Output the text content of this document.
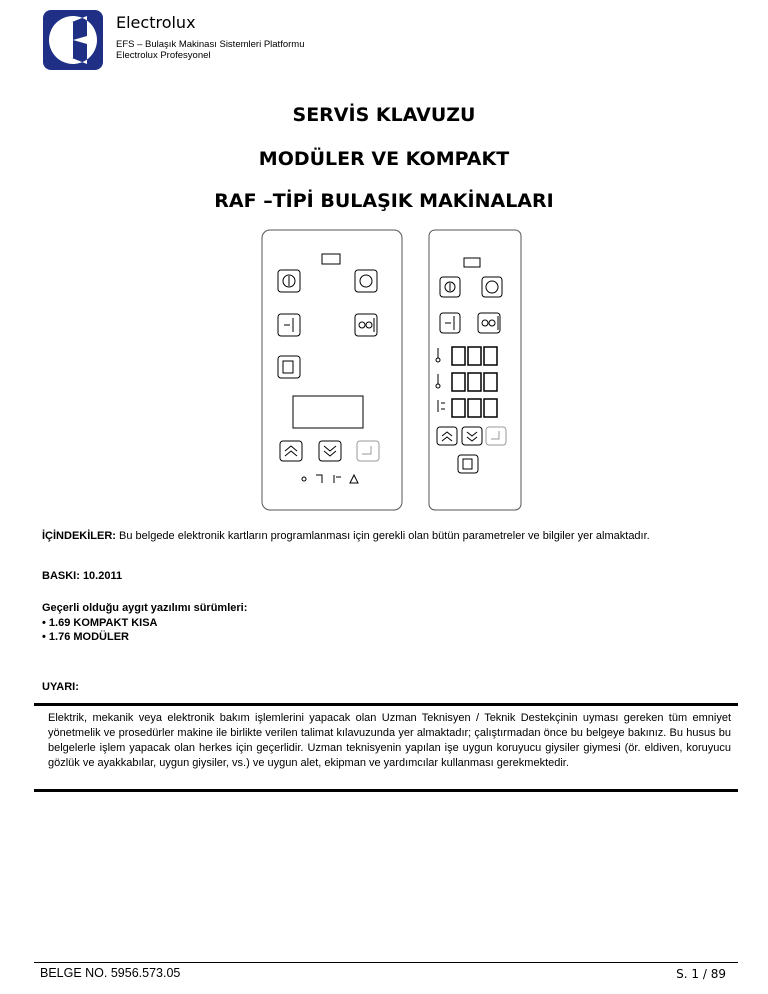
Electrolux
EFS – Bulaşık Makinası Sistemleri Platformu
Electrolux Profesyonel
SERVİS KLAVUZU
MODÜLER VE KOMPAKT
RAF –TİPİ BULAŞIK MAKİNALARI
İÇİNDEKİLER: Bu belgede elektronik kartların programlanması için gerekli olan bütün parametreler ve bilgiler yer almaktadır.
BASKI: 10.2011
Geçerli olduğu aygıt yazılımı sürümleri:
• 1.69 KOMPAKT KISA
• 1.76 MODÜLER
UYARI:
Elektrik, mekanik veya elektronik bakım işlemlerini yapacak olan Uzman Teknisyen / Teknik Destekçinin uyması gereken tüm emniyet yönetmelik ve prosedürler makine ile birlikte verilen talimat kılavuzunda yer almaktadır; çalıştırmadan önce bu belgeye bakınız. Bu husus bu belgelerle işlem yapacak olan herkes için geçerlidir. Uzman teknisyenin yapılan işe uygun koruyucu giysiler giymesi (ör. eldiven, koruyucu gözlük ve ayakkabılar, uygun giysiler, vs.) ve uygun alet, ekipman ve yardımcılar kullanması gerekmektedir.
BELGE NO. 5956.573.05	S. 1 / 89
